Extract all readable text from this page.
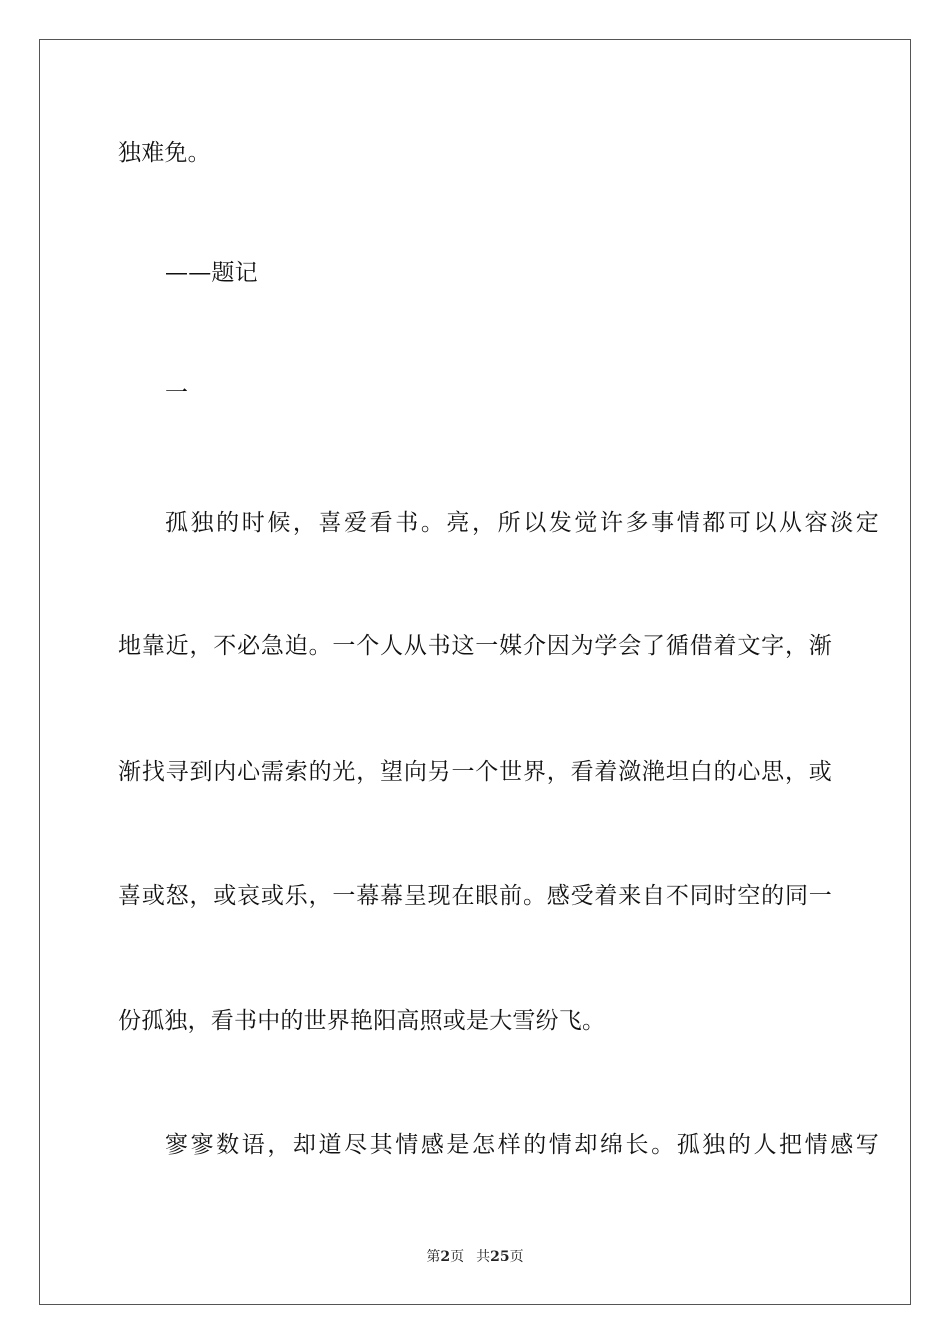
独难免。

——题记

一

孤独的时候，喜爱看书。亮，所以发觉许多事情都可以从容淡定

地靠近，不必急迫。一个人从书这一媒介因为学会了循借着文字，渐

渐找寻到内心需索的光，望向另一个世界，看着潋滟坦白的心思，或

喜或怒，或哀或乐，一幕幕呈现在眼前。感受着来自不同时空的同一

份孤独，看书中的世界艳阳高照或是大雪纷飞。

寥寥数语，却道尽其情感是怎样的情却绵长。孤独的人把情感写

第2页 共25页
